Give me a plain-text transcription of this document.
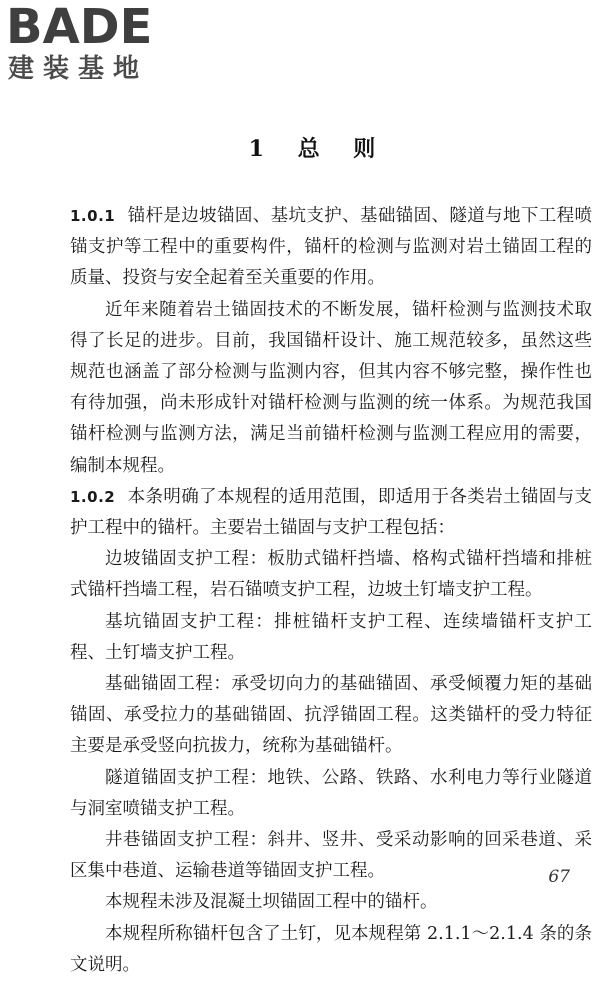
BADE
建装基地
1 总 则

1.0.1 锚杆是边坡锚固、基坑支护、基础锚固、隧道与地下工程喷锚支护等工程中的重要构件，锚杆的检测与监测对岩土锚固工程的质量、投资与安全起着至关重要的作用。

近年来随着岩土锚固技术的不断发展，锚杆检测与监测技术取得了长足的进步。目前，我国锚杆设计、施工规范较多，虽然这些规范也涵盖了部分检测与监测内容，但其内容不够完整，操作性也有待加强，尚未形成针对锚杆检测与监测的统一体系。为规范我国锚杆检测与监测方法，满足当前锚杆检测与监测工程应用的需要，编制本规程。

1.0.2 本条明确了本规程的适用范围，即适用于各类岩土锚固与支护工程中的锚杆。主要岩土锚固与支护工程包括：

边坡锚固支护工程：板肋式锚杆挡墙、格构式锚杆挡墙和排桩式锚杆挡墙工程，岩石锚喷支护工程，边坡土钉墙支护工程。

基坑锚固支护工程：排桩锚杆支护工程、连续墙锚杆支护工程、土钉墙支护工程。

基础锚固工程：承受切向力的基础锚固、承受倾覆力矩的基础锚固、承受拉力的基础锚固、抗浮锚固工程。这类锚杆的受力特征主要是承受竖向抗拔力，统称为基础锚杆。

隧道锚固支护工程：地铁、公路、铁路、水利电力等行业隧道与洞室喷锚支护工程。

井巷锚固支护工程：斜井、竖井、受采动影响的回采巷道、采区集中巷道、运输巷道等锚固支护工程。

本规程未涉及混凝土坝锚固工程中的锚杆。

本规程所称锚杆包含了土钉，见本规程第 2.1.1～2.1.4 条的条文说明。

67
